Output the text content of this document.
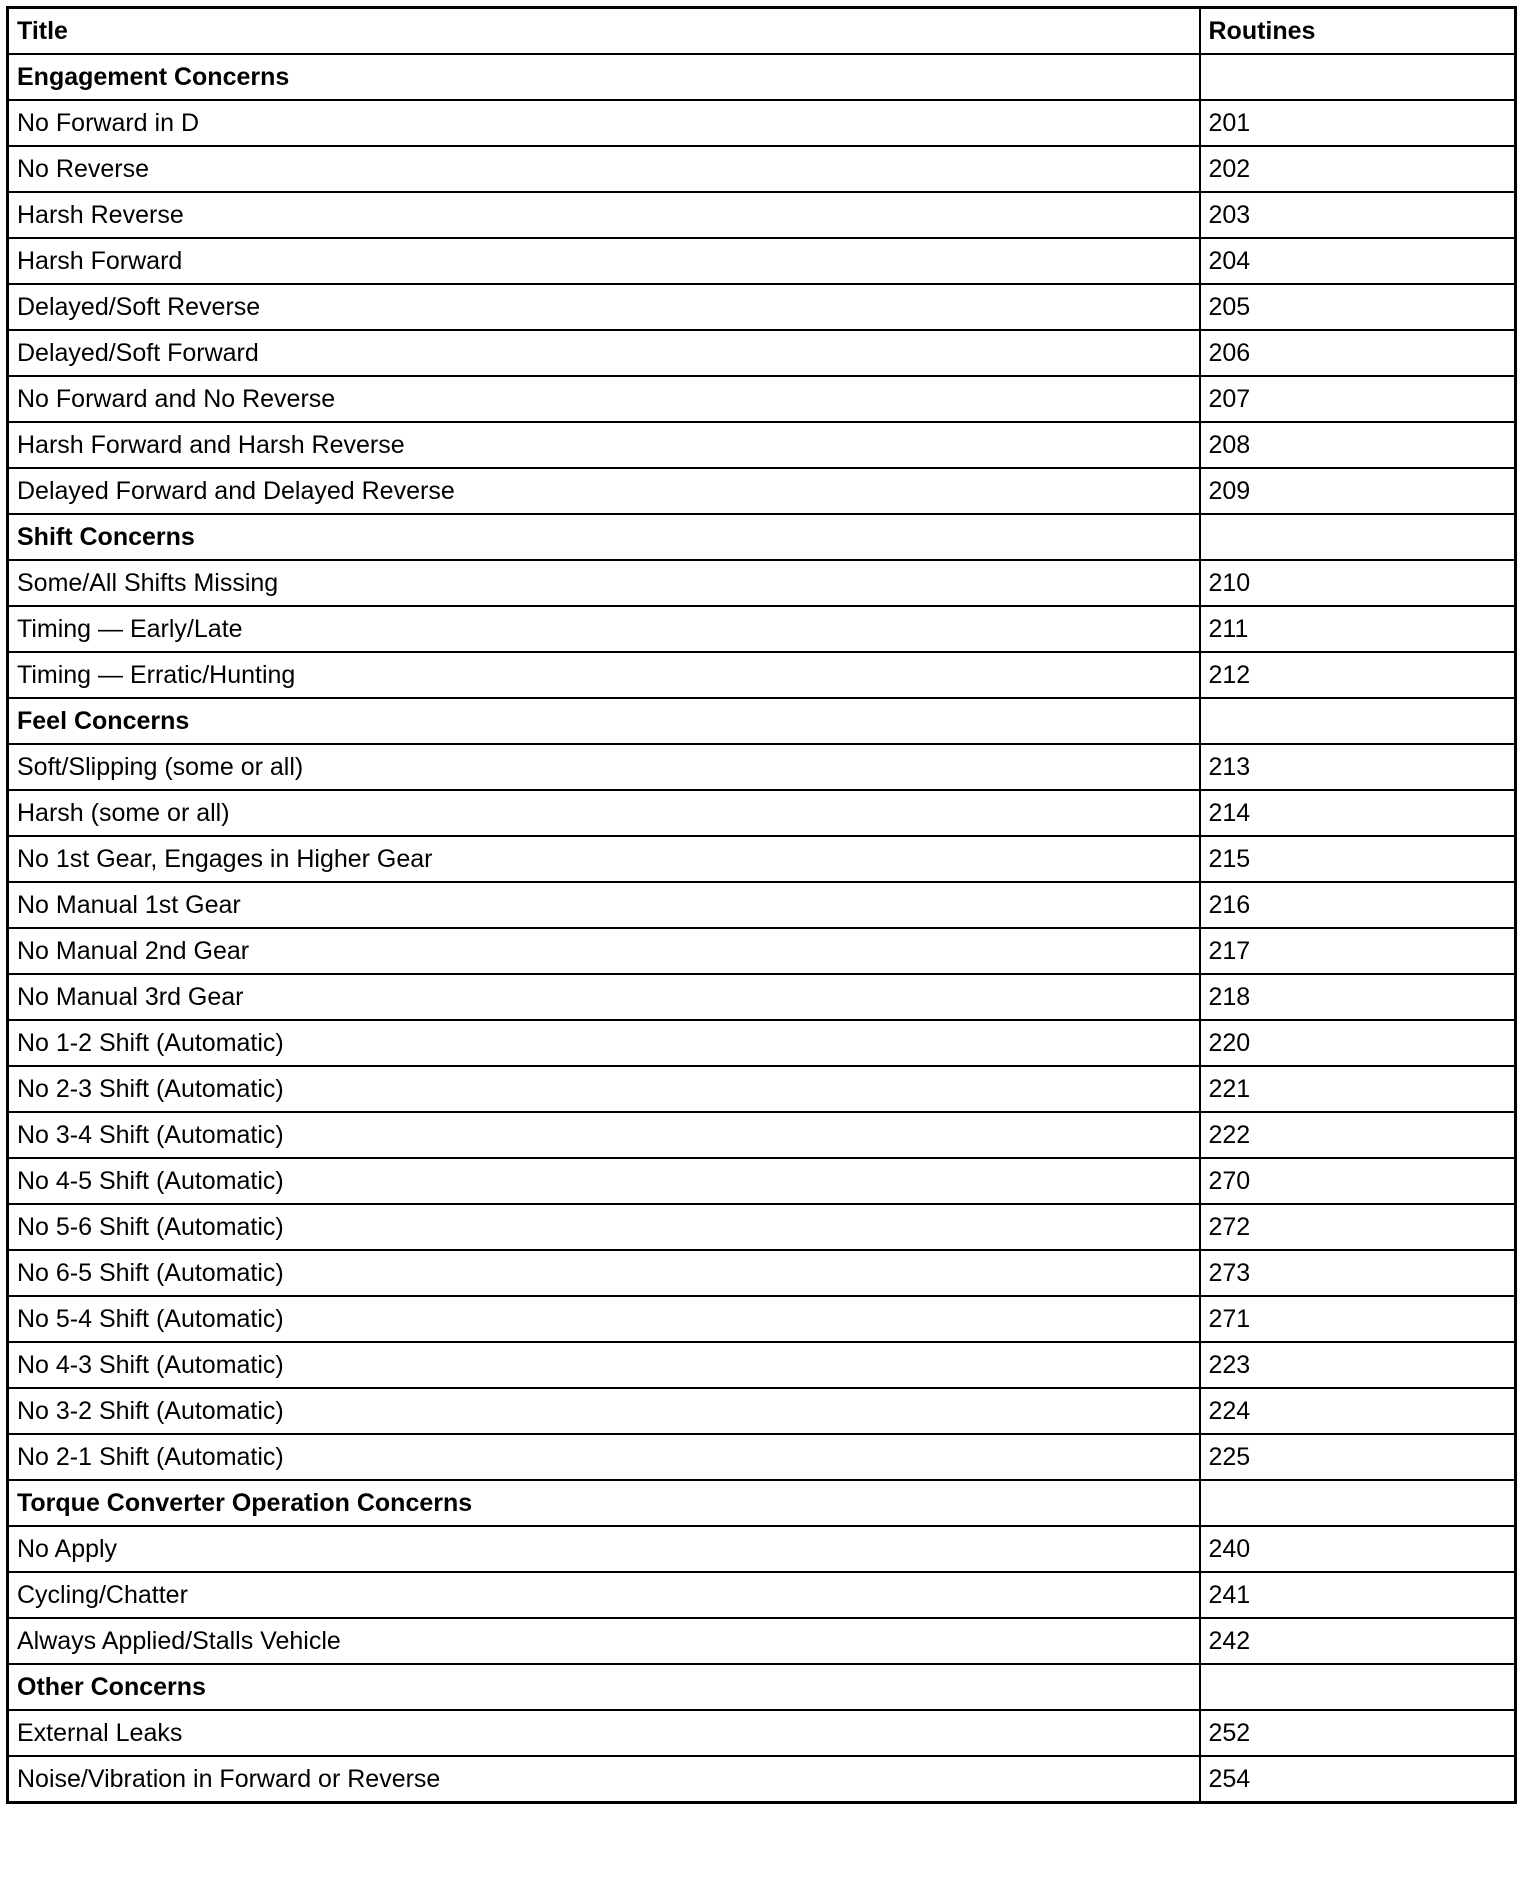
Title	Routines
Engagement Concerns	
No Forward in D	201
No Reverse	202
Harsh Reverse	203
Harsh Forward	204
Delayed/Soft Reverse	205
Delayed/Soft Forward	206
No Forward and No Reverse	207
Harsh Forward and Harsh Reverse	208
Delayed Forward and Delayed Reverse	209
Shift Concerns	
Some/All Shifts Missing	210
Timing — Early/Late	211
Timing — Erratic/Hunting	212
Feel Concerns	
Soft/Slipping (some or all)	213
Harsh (some or all)	214
No 1st Gear, Engages in Higher Gear	215
No Manual 1st Gear	216
No Manual 2nd Gear	217
No Manual 3rd Gear	218
No 1-2 Shift (Automatic)	220
No 2-3 Shift (Automatic)	221
No 3-4 Shift (Automatic)	222
No 4-5 Shift (Automatic)	270
No 5-6 Shift (Automatic)	272
No 6-5 Shift (Automatic)	273
No 5-4 Shift (Automatic)	271
No 4-3 Shift (Automatic)	223
No 3-2 Shift (Automatic)	224
No 2-1 Shift (Automatic)	225
Torque Converter Operation Concerns	
No Apply	240
Cycling/Chatter	241
Always Applied/Stalls Vehicle	242
Other Concerns	
External Leaks	252
Noise/Vibration in Forward or Reverse	254
